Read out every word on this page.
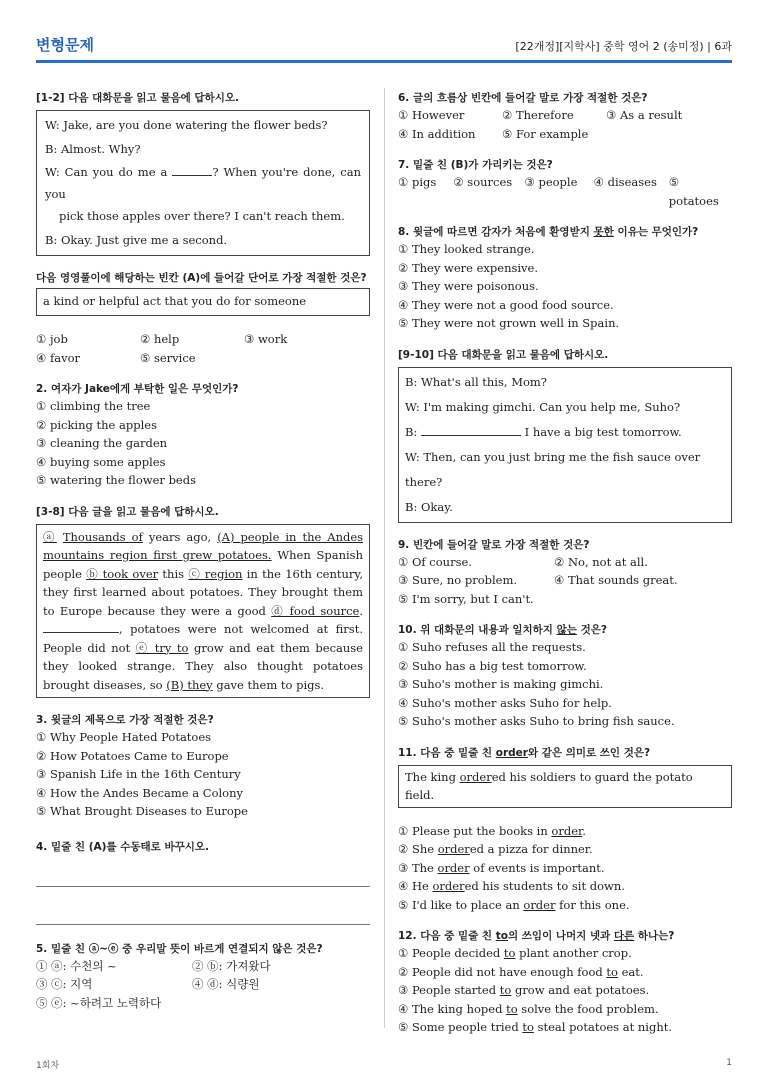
변형문제	[22개정][지학사] 중학 영어 2 (송미정) | 6과
[1-2] 다음 대화문을 읽고 물음에 답하시오.

W: Jake, are you done watering the flower beds?

B: Almost. Why?

W: Can you do me a	? When you're done, can you

pick those apples over there? I can't reach them.

B: Okay. Just give me a second.

다음 영영풀이에 해당하는 빈칸 (A)에 들어갈 단어로 가장 적절한 것은?
a kind or helpful act that you do for someone
① job	② help	③ work
④ favor	⑤ service
2. 여자가 Jake에게 부탁한 일은 무엇인가?
① climbing the tree
② picking the apples
③ cleaning the garden
④ buying some apples
⑤ watering the flower beds
[3-8] 다음 글을 읽고 물음에 답하시오.
ⓐ Thousands of years ago, (A) people in the Andes mountains region first grew potatoes. When Spanish people ⓑ took over this ⓒ region in the 16th century, they first learned about potatoes. They brought them to Europe because they were a good ⓓ food source. , potatoes were not welcomed at first. People did not ⓔ try to grow and eat them because they looked strange. They also thought potatoes brought diseases, so (B) they gave them to pigs.
3. 윗글의 제목으로 가장 적절한 것은?
① Why People Hated Potatoes
② How Potatoes Came to Europe
③ Spanish Life in the 16th Century
④ How the Andes Became a Colony
⑤ What Brought Diseases to Europe
4. 밑줄 친 (A)를 수동태로 바꾸시오.
5. 밑줄 친 ⓐ~ⓔ 중 우리말 뜻이 바르게 연결되지 않은 것은?
① ⓐ: 수천의 ~	② ⓑ: 가져왔다
③ ⓒ: 지역	④ ⓓ: 식량원
⑤ ⓔ: ~하려고 노력하다
6. 글의 흐름상 빈칸에 들어갈 말로 가장 적절한 것은?
① However	② Therefore	③ As a result
④ In addition	⑤ For example
7. 밑줄 친 (B)가 가리키는 것은?
① pigs	② sources	③ people	④ diseases	⑤ potatoes
8. 윗글에 따르면 감자가 처음에 환영받지 못한 이유는 무엇인가?
① They looked strange.
② They were expensive.
③ They were poisonous.
④ They were not a good food source.
⑤ They were not grown well in Spain.
[9-10] 다음 대화문을 읽고 물음에 답하시오.

B: What's all this, Mom?

W: I'm making gimchi. Can you help me, Suho?

B:	I have a big test tomorrow.

W: Then, can you just bring me the fish sauce over there?

B: Okay.

9. 빈칸에 들어갈 말로 가장 적절한 것은?
① Of course.	② No, not at all.
③ Sure, no problem.	④ That sounds great.
⑤ I'm sorry, but I can't.
10. 위 대화문의 내용과 일치하지 않는 것은?
① Suho refuses all the requests.
② Suho has a big test tomorrow.
③ Suho's mother is making gimchi.
④ Suho's mother asks Suho for help.
⑤ Suho's mother asks Suho to bring fish sauce.
11. 다음 중 밑줄 친 order와 같은 의미로 쓰인 것은?
The king ordered his soldiers to guard the potato field.
① Please put the books in order.
② She ordered a pizza for dinner.
③ The order of events is important.
④ He ordered his students to sit down.
⑤ I'd like to place an order for this one.
12. 다음 중 밑줄 친 to의 쓰임이 나머지 넷과 다른 하나는?
① People decided to plant another crop.
② People did not have enough food to eat.
③ People started to grow and eat potatoes.
④ The king hoped to solve the food problem.
⑤ Some people tried to steal potatoes at night.
1회차	1
